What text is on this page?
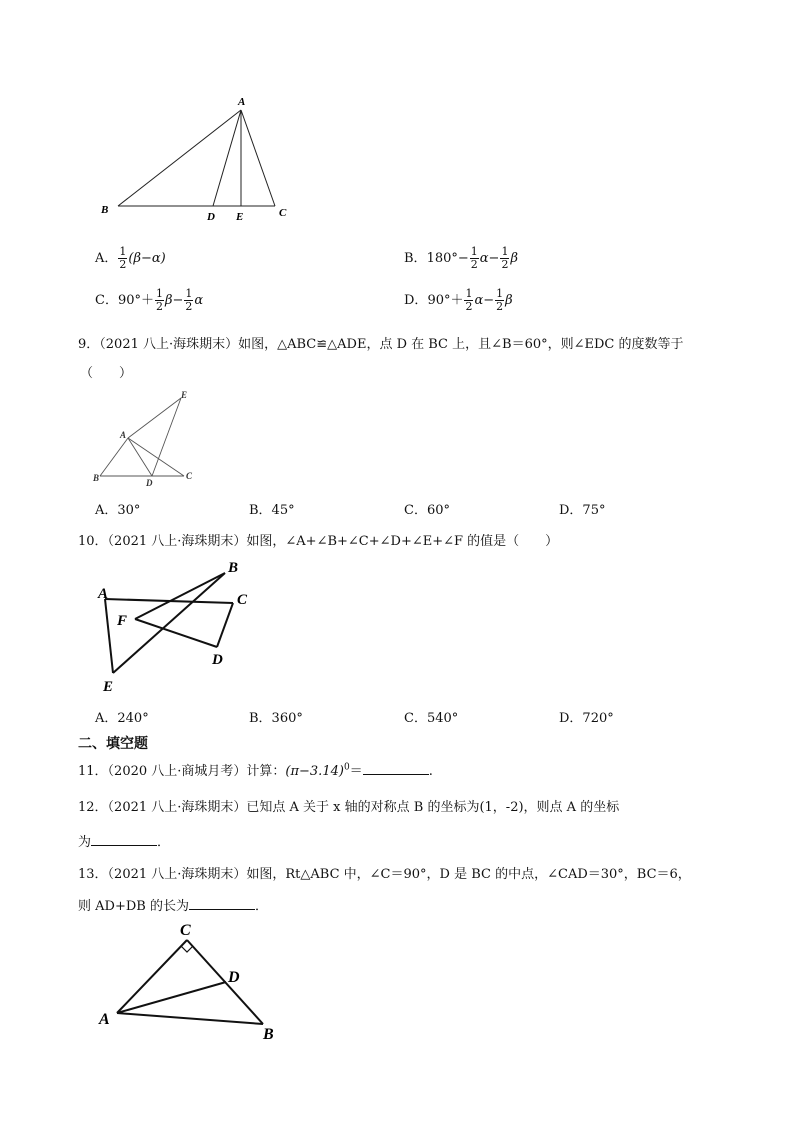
A
B
D E	C
A． $\frac{1}{2} (\beta-\alpha)$	B．$180^\circ- \frac{1}{2} \alpha- \frac{1}{2}$ β
C．$90^\circ+ \frac{1}{2} \beta- \frac{1}{2}$ α	D．$90^\circ+ \frac{1}{2} \alpha- \frac{1}{2}$ β
9．（2021 八上·海珠期末）如图，△ABC≌△ADE，点 D 在 BC 上，且∠B＝60°，则∠EDC 的度数等于
（　　）
E
A
B	D
C
A．30°	B．45°	C．60°	D．75°
10．（2021 八上·海珠期末）如图，∠A+∠B+∠C+∠D+∠E+∠F 的值是（　　）
A
B
C
F
D
E
A．240°	B．360°	C．540°	D．720°
二、填空题
11．（2020 八上·商城月考）计算：$(\pi-3.14)^0=$	.
12．（2021 八上·海珠期末）已知点 A 关于 x 轴的对称点 B 的坐标为(1，-2)，则点 A 的坐标
为	．
13．（2021 八上·海珠期末）如图，Rt△ABC 中，∠C＝90°，D 是 BC 的中点，∠CAD＝30°，BC＝6，
则 AD+DB 的长为	．
C
D
A
B
